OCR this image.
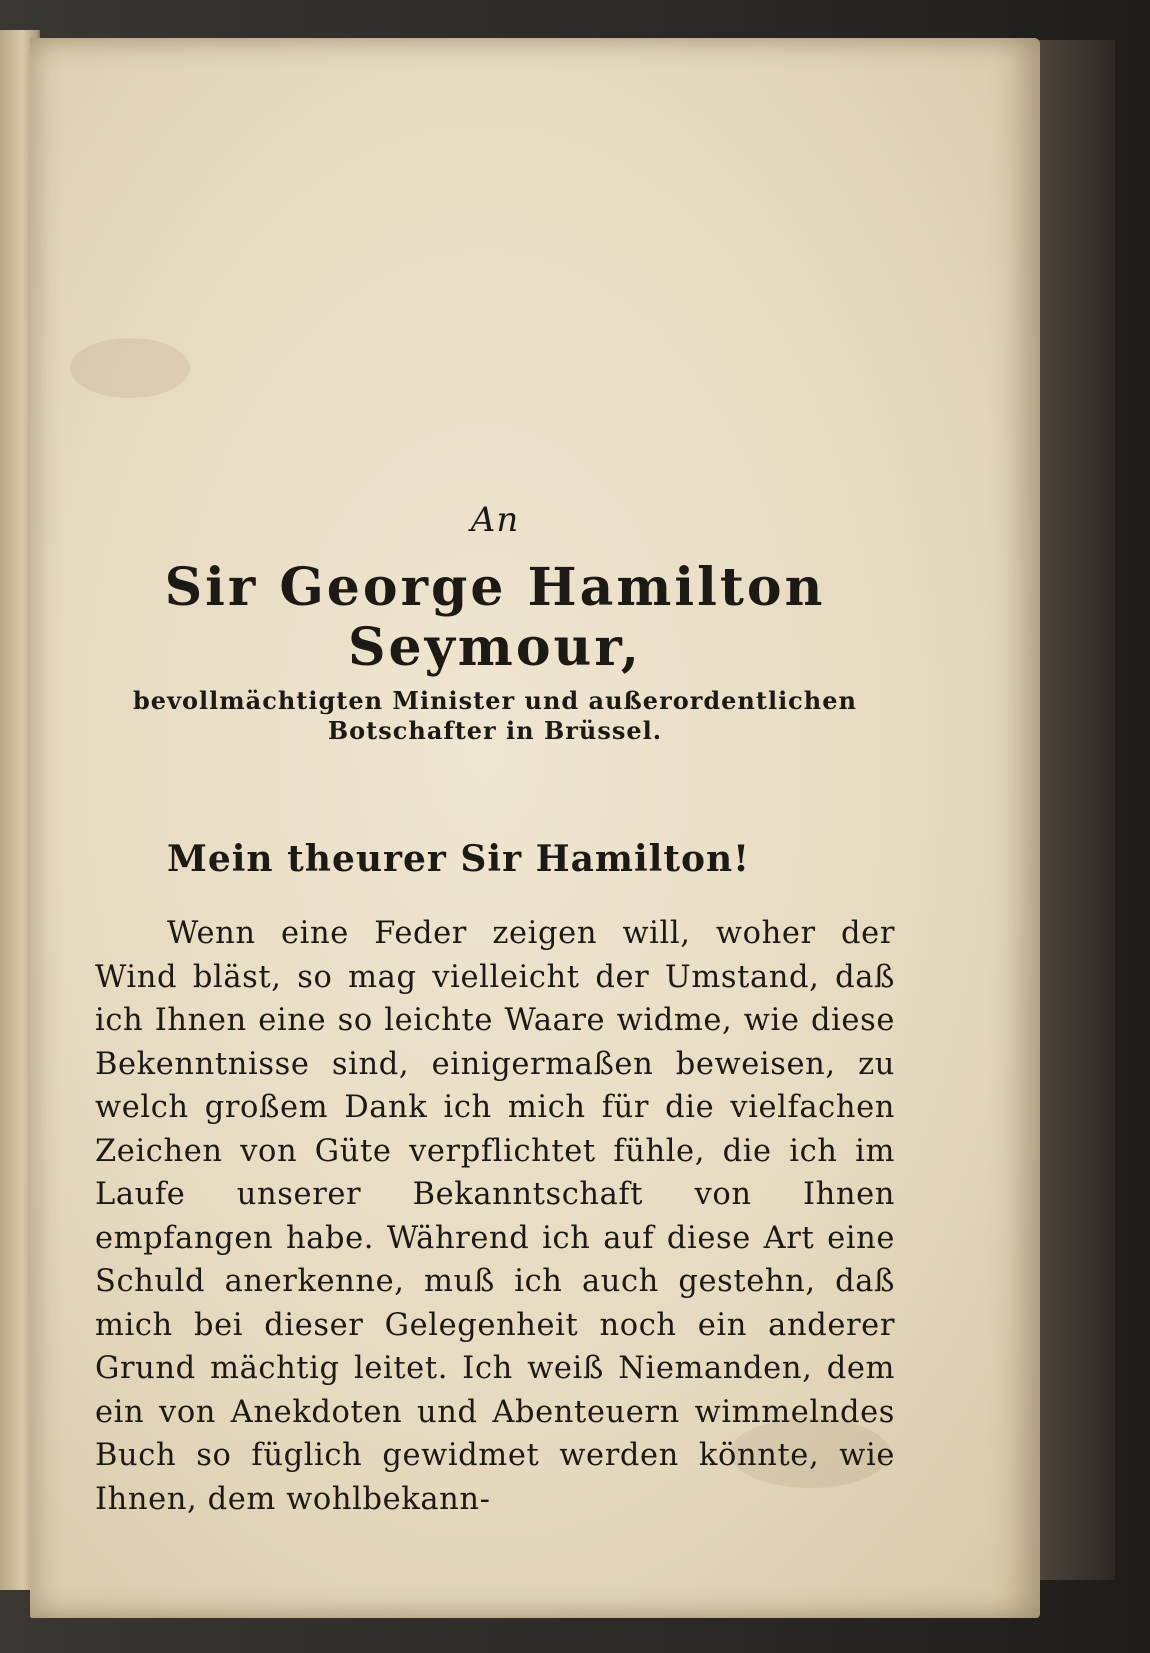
An

Sir George Hamilton Seymour,

bevollmächtigten Minister und außerordentlichen Botschafter in Brüssel.

Mein theurer Sir Hamilton!

Wenn eine Feder zeigen will, woher der Wind bläst, so mag vielleicht der Umstand, daß ich Ihnen eine so leichte Waare widme, wie diese Bekenntnisse sind, einigermaßen beweisen, zu welch großem Dank ich mich für die vielfachen Zeichen von Güte verpflichtet fühle, die ich im Laufe unserer Bekanntschaft von Ihnen empfangen habe. Während ich auf diese Art eine Schuld anerkenne, muß ich auch gestehn, daß mich bei dieser Gelegenheit noch ein anderer Grund mächtig leitet. Ich weiß Niemanden, dem ein von Anekdoten und Abenteuern wimmelndes Buch so füglich gewidmet werden könnte, wie Ihnen, dem wohlbekann-
